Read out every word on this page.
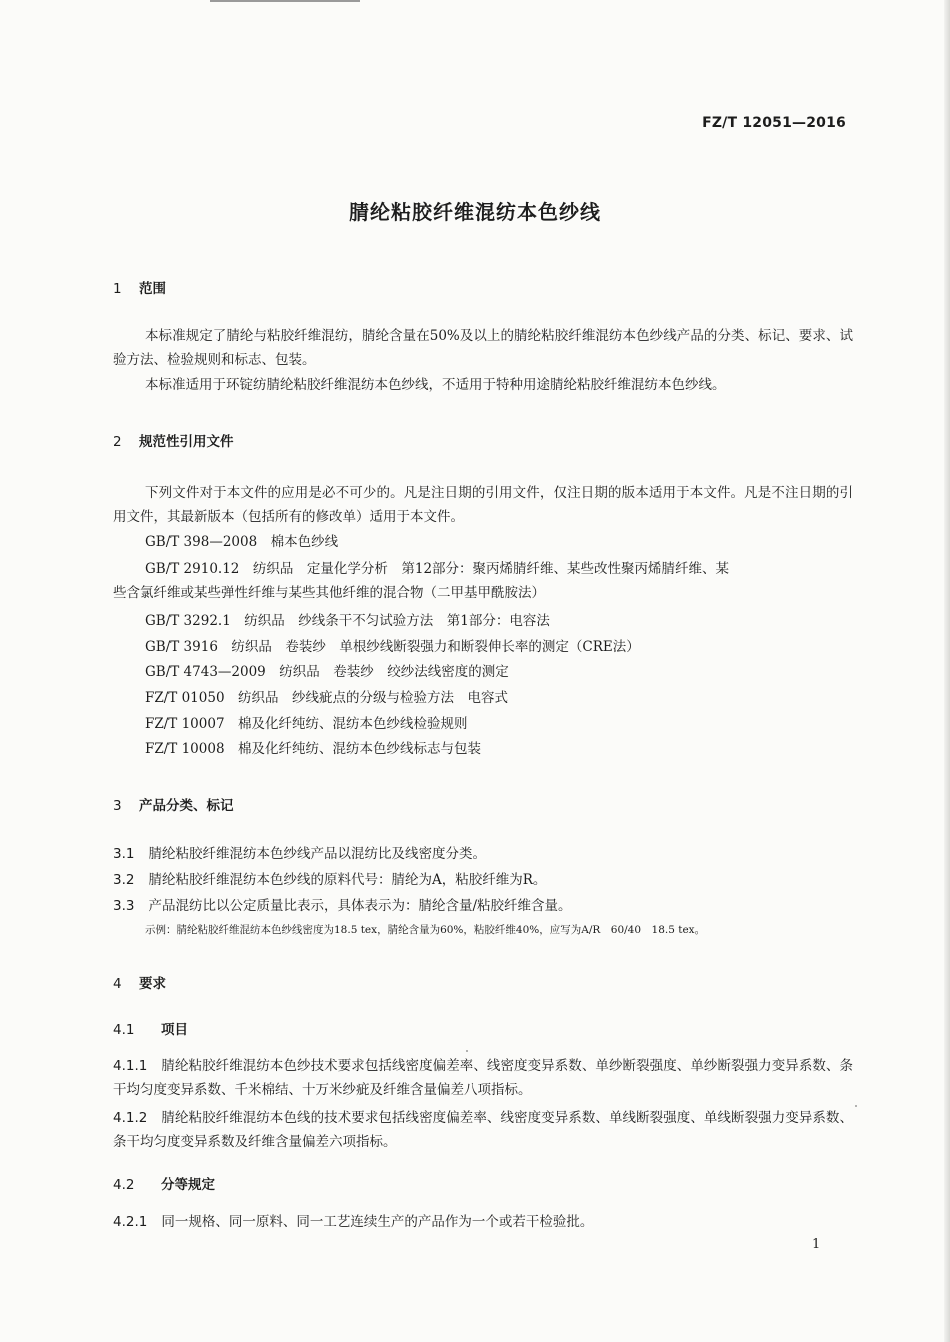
FZ/T 12051—2016
腈纶粘胶纤维混纺本色纱线
1 范围
本标准规定了腈纶与粘胶纤维混纺，腈纶含量在50%及以上的腈纶粘胶纤维混纺本色纱线产品的分类、标记、要求、试验方法、检验规则和标志、包装。
本标准适用于环锭纺腈纶粘胶纤维混纺本色纱线，不适用于特种用途腈纶粘胶纤维混纺本色纱线。
2 规范性引用文件
下列文件对于本文件的应用是必不可少的。凡是注日期的引用文件，仅注日期的版本适用于本文件。凡是不注日期的引用文件，其最新版本（包括所有的修改单）适用于本文件。
GB/T 398—2008　棉本色纱线
GB/T 2910.12　纺织品　定量化学分析　第12部分：聚丙烯腈纤维、某些改性聚丙烯腈纤维、某
些含氯纤维或某些弹性纤维与某些其他纤维的混合物（二甲基甲酰胺法）
GB/T 3292.1　纺织品　纱线条干不匀试验方法　第1部分：电容法
GB/T 3916　纺织品　卷装纱　单根纱线断裂强力和断裂伸长率的测定（CRE法）
GB/T 4743—2009　纺织品　卷装纱　绞纱法线密度的测定
FZ/T 01050　纺织品　纱线疵点的分级与检验方法　电容式
FZ/T 10007　棉及化纤纯纺、混纺本色纱线检验规则
FZ/T 10008　棉及化纤纯纺、混纺本色纱线标志与包装
3 产品分类、标记
3.1 腈纶粘胶纤维混纺本色纱线产品以混纺比及线密度分类。
3.2 腈纶粘胶纤维混纺本色纱线的原料代号：腈纶为A，粘胶纤维为R。
3.3 产品混纺比以公定质量比表示，具体表示为：腈纶含量/粘胶纤维含量。
示例：腈纶粘胶纤维混纺本色纱线密度为18.5 tex，腈纶含量为60%，粘胶纤维40%，应写为A/R　60/40　18.5 tex。
4 要求
4.1 项目
4.1.1 腈纶粘胶纤维混纺本色纱技术要求包括线密度偏差率、线密度变异系数、单纱断裂强度、单纱断裂强力变异系数、条干均匀度变异系数、千米棉结、十万米纱疵及纤维含量偏差八项指标。
4.1.2 腈纶粘胶纤维混纺本色线的技术要求包括线密度偏差率、线密度变异系数、单线断裂强度、单线断裂强力变异系数、条干均匀度变异系数及纤维含量偏差六项指标。
4.2 分等规定
4.2.1 同一规格、同一原料、同一工艺连续生产的产品作为一个或若干检验批。
1
